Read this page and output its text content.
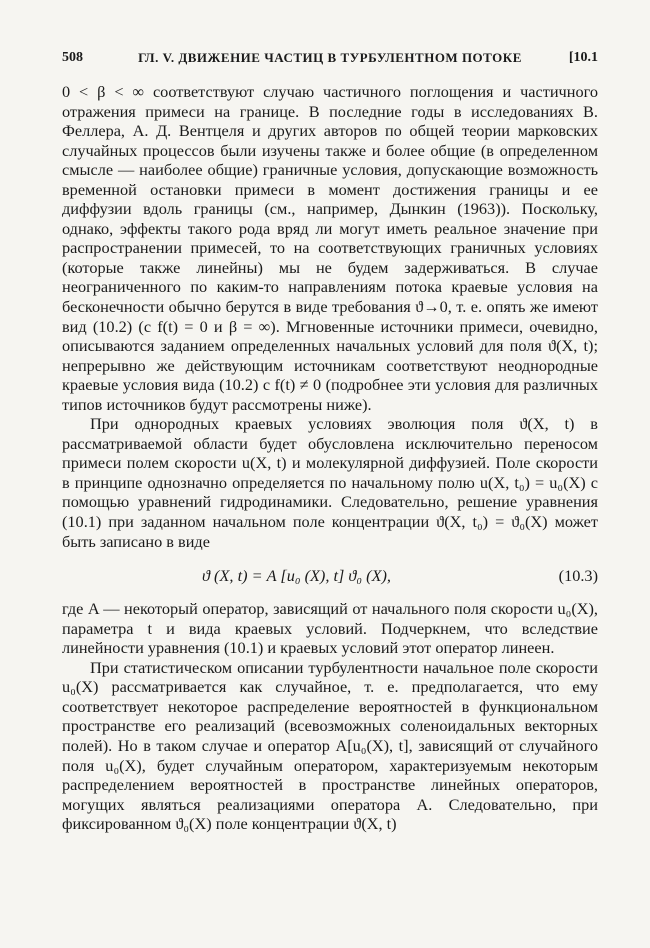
508	ГЛ. V. ДВИЖЕНИЕ ЧАСТИЦ В ТУРБУЛЕНТНОМ ПОТОКЕ	[10.1

0 < β < ∞ соответствуют случаю частичного поглощения и частичного отражения примеси на границе. В последние годы в исследованиях В. Феллера, А. Д. Вентцеля и других авторов по общей теории марковских случайных процессов были изучены также и более общие (в определенном смысле — наиболее общие) граничные условия, допускающие возможность временной остановки примеси в момент достижения границы и ее диффузии вдоль границы (см., например, Дынкин (1963)). Поскольку, однако, эффекты такого рода вряд ли могут иметь реальное значение при распространении примесей, то на соответствующих граничных условиях (которые также линейны) мы не будем задерживаться. В случае неограниченного по каким-то направлениям потока краевые условия на бесконечности обычно берутся в виде требования ϑ→0, т. е. опять же имеют вид (10.2) (с f(t) = 0 и β = ∞). Мгновенные источники примеси, очевидно, описываются заданием определенных начальных условий для поля ϑ(X, t); непрерывно же действующим источникам соответствуют неоднородные краевые условия вида (10.2) с f(t) ≠ 0 (подробнее эти условия для различных типов источников будут рассмотрены ниже).

При однородных краевых условиях эволюция поля ϑ(X, t) в рассматриваемой области будет обусловлена исключительно переносом примеси полем скорости u(X, t) и молекулярной диффузией. Поле скорости в принципе однозначно определяется по начальному полю u(X, t₀) = u₀(X) с помощью уравнений гидродинамики. Следовательно, решение уравнения (10.1) при заданном начальном поле концентрации ϑ(X, t₀) = ϑ₀(X) может быть записано в виде

ϑ (X, t) = A [u₀ (X), t] ϑ₀ (X),	(10.3)

где A — некоторый оператор, зависящий от начального поля скорости u₀(X), параметра t и вида краевых условий. Подчеркнем, что вследствие линейности уравнения (10.1) и краевых условий этот оператор линеен.

При статистическом описании турбулентности начальное поле скорости u₀(X) рассматривается как случайное, т. е. предполагается, что ему соответствует некоторое распределение вероятностей в функциональном пространстве его реализаций (всевозможных соленоидальных векторных полей). Но в таком случае и оператор A[u₀(X), t], зависящий от случайного поля u₀(X), будет случайным оператором, характеризуемым некоторым распределением вероятностей в пространстве линейных операторов, могущих являться реализациями оператора A. Следовательно, при фиксированном ϑ₀(X) поле концентрации ϑ(X, t)
